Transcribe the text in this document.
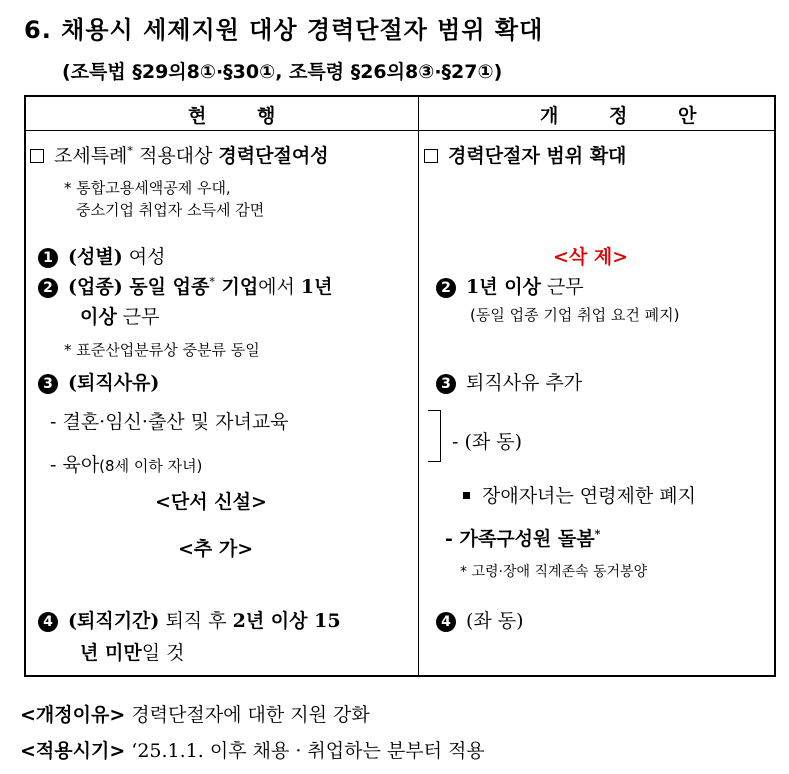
6. 채용시 세제지원 대상 경력단절자 범위 확대
(조특법 §29의8①·§30①, 조특령 §26의8③·§27①)
현 행	개 정 안
조세특례* 적용대상 경력단절여성
* 통합고용세액공제 우대,
중소기업 취업자 소득세 감면
1 (성별) 여성
2 (업종) 동일 업종* 기업에서 1년
이상 근무
* 표준산업분류상 중분류 동일
3 (퇴직사유)
- 결혼·임신·출산 및 자녀교육
- 육아(8세 이하 자녀)
<단서 신설>
<추 가>
4 (퇴직기간) 퇴직 후 2년 이상 15
년 미만일 것
경력단절자 범위 확대
<삭 제>
2 1년 이상 근무
(동일 업종 기업 취업 요건 폐지)
3 퇴직사유 추가
- (좌 동)
장애자녀는 연령제한 폐지
- 가족구성원 돌봄*
* 고령·장애 직계존속 동거봉양
4 (좌 동)
<개정이유> 경력단절자에 대한 지원 강화
<적용시기> ‘25.1.1. 이후 채용 · 취업하는 분부터 적용
